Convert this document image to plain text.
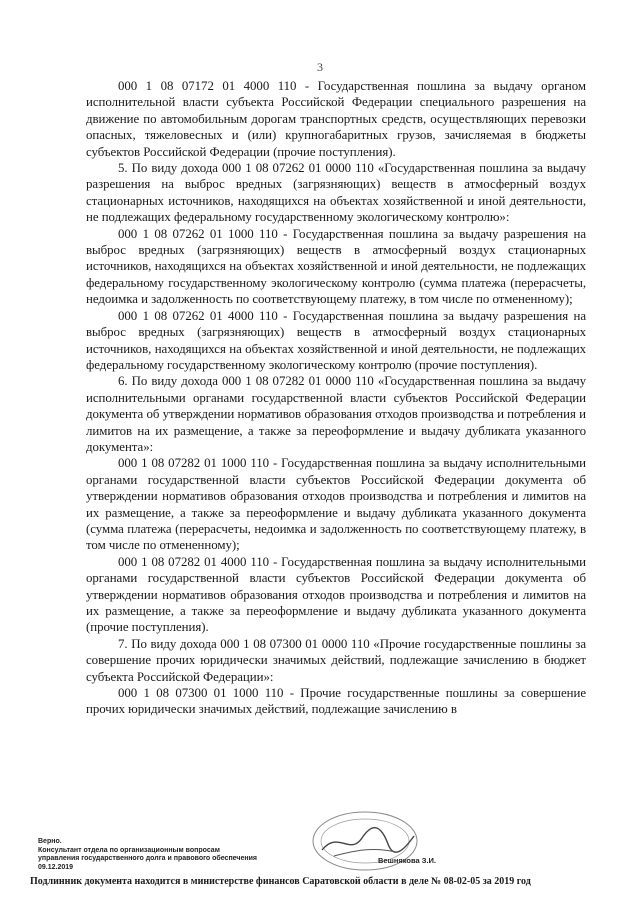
3

000 1 08 07172 01 4000 110 - Государственная пошлина за выдачу органом исполнительной власти субъекта Российской Федерации специального разрешения на движение по автомобильным дорогам транспортных средств, осуществляющих перевозки опасных, тяжеловесных и (или) крупногабаритных грузов, зачисляемая в бюджеты субъектов Российской Федерации (прочие поступления).

5. По виду дохода 000 1 08 07262 01 0000 110 «Государственная пошлина за выдачу разрешения на выброс вредных (загрязняющих) веществ в атмосферный воздух стационарных источников, находящихся на объектах хозяйственной и иной деятельности, не подлежащих федеральному государственному экологическому контролю»:

000 1 08 07262 01 1000 110 - Государственная пошлина за выдачу разрешения на выброс вредных (загрязняющих) веществ в атмосферный воздух стационарных источников, находящихся на объектах хозяйственной и иной деятельности, не подлежащих федеральному государственному экологическому контролю (сумма платежа (перерасчеты, недоимка и задолженность по соответствующему платежу, в том числе по отмененному);

000 1 08 07262 01 4000 110 - Государственная пошлина за выдачу разрешения на выброс вредных (загрязняющих) веществ в атмосферный воздух стационарных источников, находящихся на объектах хозяйственной и иной деятельности, не подлежащих федеральному государственному экологическому контролю (прочие поступления).

6. По виду дохода 000 1 08 07282 01 0000 110 «Государственная пошлина за выдачу исполнительными органами государственной власти субъектов Российской Федерации документа об утверждении нормативов образования отходов производства и потребления и лимитов на их размещение, а также за переоформление и выдачу дубликата указанного документа»:

000 1 08 07282 01 1000 110 - Государственная пошлина за выдачу исполнительными органами государственной власти субъектов Российской Федерации документа об утверждении нормативов образования отходов производства и потребления и лимитов на их размещение, а также за переоформление и выдачу дубликата указанного документа (сумма платежа (перерасчеты, недоимка и задолженность по соответствующему платежу, в том числе по отмененному);

000 1 08 07282 01 4000 110 - Государственная пошлина за выдачу исполнительными органами государственной власти субъектов Российской Федерации документа об утверждении нормативов образования отходов производства и потребления и лимитов на их размещение, а также за переоформление и выдачу дубликата указанного документа (прочие поступления).

7. По виду дохода 000 1 08 07300 01 0000 110 «Прочие государственные пошлины за совершение прочих юридически значимых действий, подлежащие зачислению в бюджет субъекта Российской Федерации»:

000 1 08 07300 01 1000 110 - Прочие государственные пошлины за совершение прочих юридически значимых действий, подлежащие зачислению в

Верно.
Консультант отдела по организационным вопросам
управления государственного долга и правового обеспечения
09.12.2019
Вешнякова З.И.
Подлинник документа находится в министерстве финансов Саратовской области в деле № 08-02-05 за 2019 год
